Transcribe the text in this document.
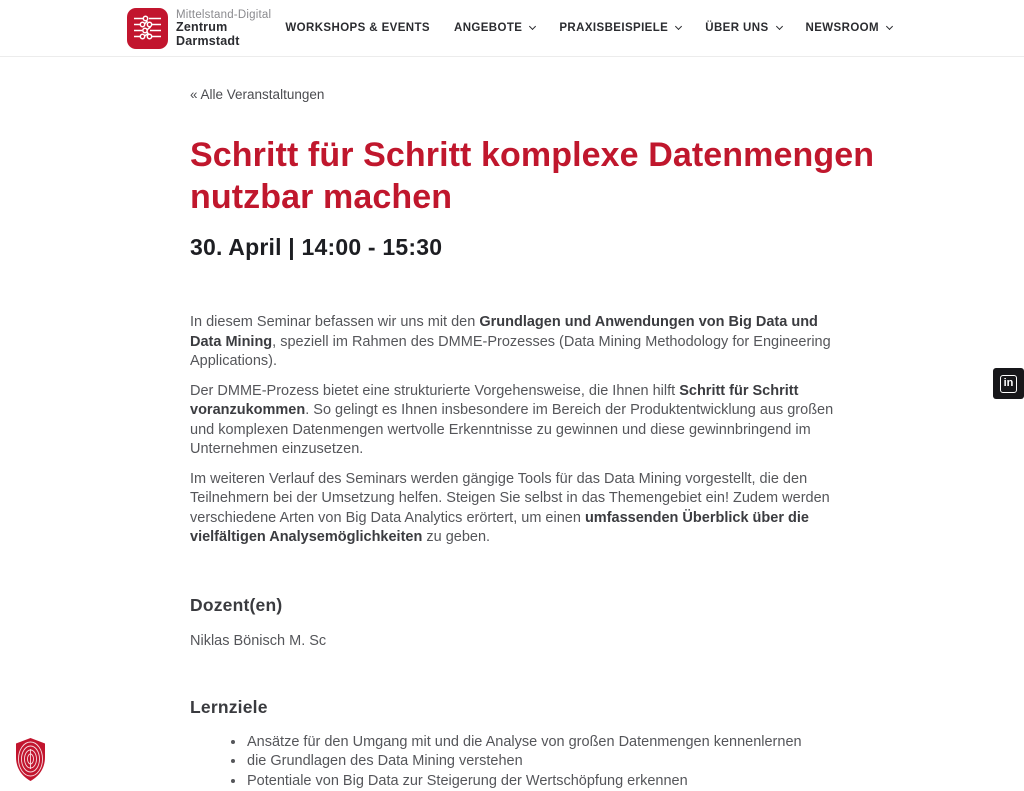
Mittelstand-Digital
Zentrum
Darmstadt
WORKSHOPS & EVENTS ANGEBOTE	PRAXISBEISPIELE	ÜBER UNS	NEWSROOM
« Alle Veranstaltungen
Schritt für Schritt komplexe Datenmengen nutzbar machen
30. April | 14:00 - 15:30

In diesem Seminar befassen wir uns mit den Grundlagen und Anwendungen von Big Data und Data Mining, speziell im Rahmen des DMME-Prozesses (Data Mining Methodology for Engineering Applications).

Der DMME-Prozess bietet eine strukturierte Vorgehensweise, die Ihnen hilft Schritt für Schritt voranzukommen. So gelingt es Ihnen insbesondere im Bereich der Produktentwicklung aus großen und komplexen Datenmengen wertvolle Erkenntnisse zu gewinnen und diese gewinnbringend im Unternehmen einzusetzen.

Im weiteren Verlauf des Seminars werden gängige Tools für das Data Mining vorgestellt, die den Teilnehmern bei der Umsetzung helfen. Steigen Sie selbst in das Themengebiet ein! Zudem werden verschiedene Arten von Big Data Analytics erörtert, um einen umfassenden Überblick über die vielfältigen Analysemöglichkeiten zu geben.

Dozent(en)

Niklas Bönisch M. Sc

Lernziele
• Ansätze für den Umgang mit und die Analyse von großen Datenmengen kennenlernen
• die Grundlagen des Data Mining verstehen
• Potentiale von Big Data zur Steigerung der Wertschöpfung erkennen
in
